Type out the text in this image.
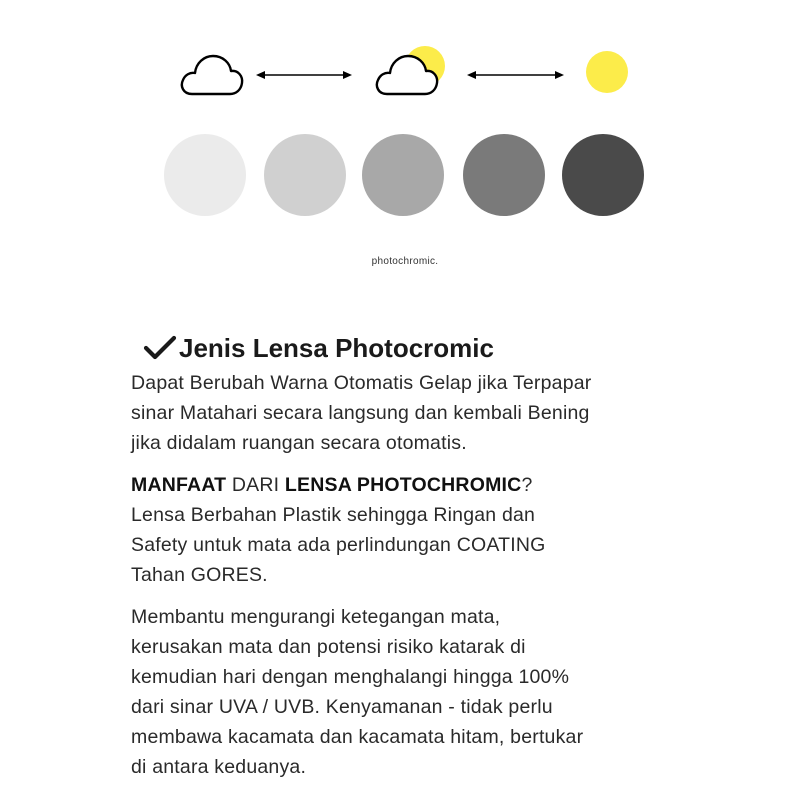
photochromic.
Jenis Lensa Photocromic

Dapat Berubah Warna Otomatis Gelap jika Terpapar
sinar Matahari secara langsung dan kembali Bening
jika didalam ruangan secara otomatis.

MANFAAT DARI LENSA PHOTOCHROMIC?
Lensa Berbahan Plastik sehingga Ringan dan
Safety untuk mata ada perlindungan COATING
Tahan GORES.

Membantu mengurangi ketegangan mata,
kerusakan mata dan potensi risiko katarak di
kemudian hari dengan menghalangi hingga 100%
dari sinar UVA / UVB. Kenyamanan - tidak perlu
membawa kacamata dan kacamata hitam, bertukar
di antara keduanya.
